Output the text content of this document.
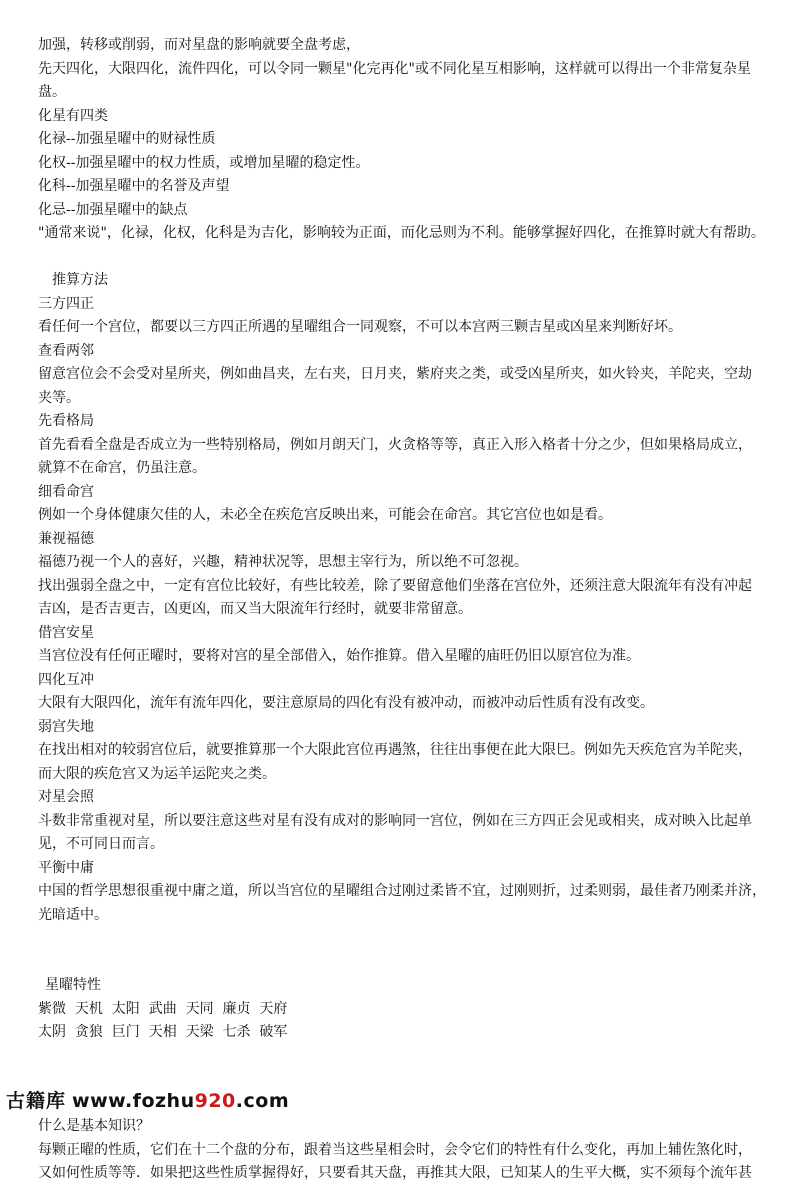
加强，转移或削弱，而对星盘的影响就要全盘考虑，
先天四化，大限四化，流件四化，可以令同一颗星"化完再化"或不同化星互相影响，这样就可以得出一个非常复杂星
盘。
化星有四类
化禄--加强星曜中的财禄性质
化权--加强星曜中的权力性质，或增加星曜的稳定性。
化科--加强星曜中的名誉及声望
化忌--加强星曜中的缺点
"通常来说"，化禄，化权，化科是为吉化，影响较为正面，而化忌则为不利。能够掌握好四化，在推算时就大有帮助。
推算方法
三方四正
看任何一个宫位，都要以三方四正所遇的星曜组合一同观察，不可以本宫两三颗吉星或凶星来判断好坏。
查看两邻
留意宫位会不会受对星所夹，例如曲昌夹，左右夹，日月夹，紫府夹之类，或受凶星所夹，如火铃夹，羊陀夹，空劫
夹等。
先看格局
首先看看全盘是否成立为一些特别格局，例如月朗天门，火贪格等等，真正入形入格者十分之少，但如果格局成立，
就算不在命宫，仍虽注意。
细看命宫
例如一个身体健康欠佳的人，未必全在疾危宫反映出来，可能会在命宫。其它宫位也如是看。
兼视福德
福德乃视一个人的喜好，兴趣，精神状况等，思想主宰行为，所以绝不可忽视。
找出强弱全盘之中，一定有宫位比较好，有些比较差，除了要留意他们坐落在宫位外，还须注意大限流年有没有冲起
吉凶，是否吉更吉，凶更凶，而又当大限流年行经时，就要非常留意。
借宫安星
当宫位没有任何正曜时，要将对宫的星全部借入，始作推算。借入星曜的庙旺仍旧以原宫位为准。
四化互冲
大限有大限四化，流年有流年四化，要注意原局的四化有没有被冲动，而被冲动后性质有没有改变。
弱宫失地
在找出相对的较弱宫位后，就要推算那一个大限此宫位再遇煞，往往出事便在此大限巳。例如先天疾危宫为羊陀夹，
而大限的疾危宫又为运羊运陀夹之类。
对星会照
斗数非常重视对星，所以要注意这些对星有没有成对的影响同一宫位，例如在三方四正会见或相夹，成对映入比起单
见，不可同日而言。
平衡中庸
中国的哲学思想很重视中庸之道，所以当宫位的星曜组合过刚过柔皆不宜，过刚则折，过柔则弱，最佳者乃刚柔并济，
光暗适中。
星曜特性
紫微  天机  太阳  武曲  天同  廉贞  天府
太阴  贪狼  巨门  天相  天梁  七杀  破军
什么是基本知识？
每颗正曜的性质，它们在十二个盘的分布，跟着当这些星相会时，会令它们的特性有什么变化，再加上辅佐煞化时，
又如何性质等等．如果把这些性质掌握得好，只要看其天盘，再推其大限，已知某人的生平大概，实不须每个流年甚
古籍库 www.fozhu920.com
